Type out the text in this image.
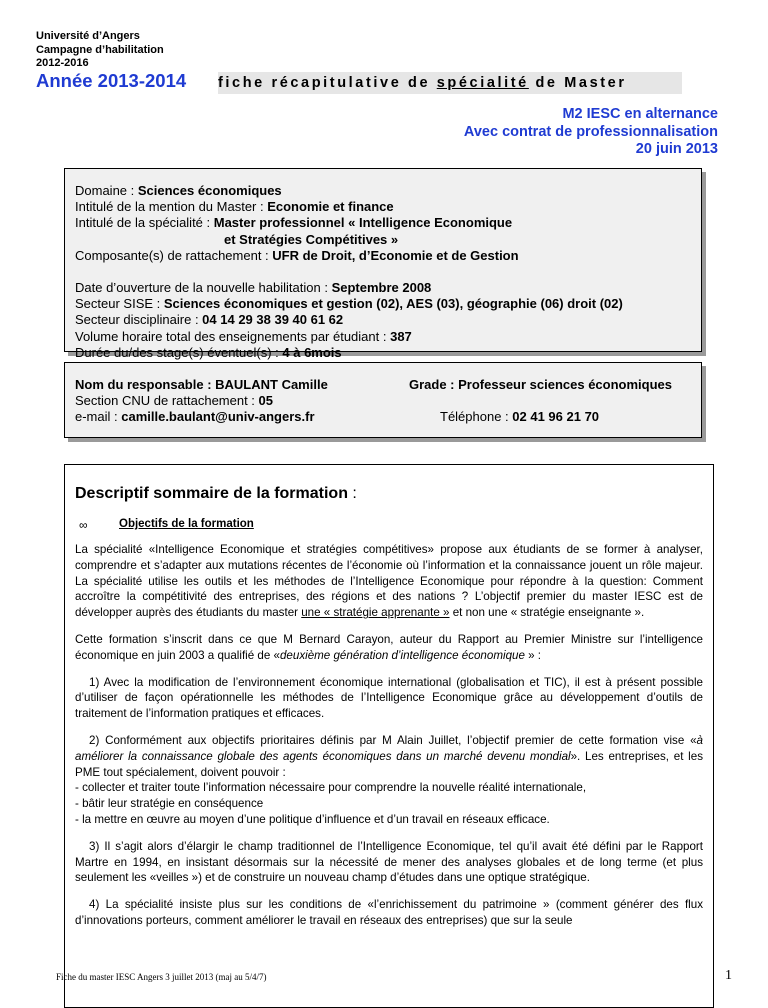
Université d’Angers
Campagne d’habilitation
2012-2016
Année 2013-2014 fiche récapitulative de spécialité de Master
M2 IESC en alternance
Avec contrat de professionnalisation
20 juin 2013
Domaine : Sciences économiques
Intitulé de la mention du Master : Economie et finance
Intitulé de la spécialité : Master professionnel « Intelligence Economique
et Stratégies Compétitives »
Composante(s) de rattachement : UFR de Droit, d’Economie et de Gestion
Date d’ouverture de la nouvelle habilitation : Septembre 2008
Secteur SISE : Sciences économiques et gestion (02), AES (03), géographie (06) droit (02)
Secteur disciplinaire : 04 14 29 38 39 40 61 62
Volume horaire total des enseignements par étudiant : 387
Durée du/des stage(s) éventuel(s) : 4 à 6mois
Nom du responsable : BAULANT Camille
Section CNU de rattachement : 05
e-mail : camille.baulant@univ-angers.fr
Grade : Professeur sciences économiques
Téléphone : 02 41 96 21 70
Descriptif sommaire de la formation :
∞	Objectifs de la formation

La spécialité «Intelligence Economique et stratégies compétitives» propose aux étudiants de se former à analyser, comprendre et s’adapter aux mutations récentes de l’économie où l’information et la connaissance jouent un rôle majeur. La spécialité utilise les outils et les méthodes de l’Intelligence Economique pour répondre à la question: Comment accroître la compétitivité des entreprises, des régions et des nations ? L’objectif premier du master IESC est de développer auprès des étudiants du master une « stratégie apprenante » et non une « stratégie enseignante ».

Cette formation s’inscrit dans ce que M Bernard Carayon, auteur du Rapport au Premier Ministre sur l’intelligence économique en juin 2003 a qualifié de «deuxième génération d’intelligence économique » :

1) Avec la modification de l’environnement économique international (globalisation et TIC), il est à présent possible d’utiliser de façon opérationnelle les méthodes de l’Intelligence Economique grâce au développement d’outils de traitement de l’information pratiques et efficaces.

2) Conformément aux objectifs prioritaires définis par M Alain Juillet, l’objectif premier de cette formation vise «à améliorer la connaissance globale des agents économiques dans un marché devenu mondial». Les entreprises, et les PME tout spécialement, doivent pouvoir :

- collecter et traiter toute l’information nécessaire pour comprendre la nouvelle réalité internationale,
- bâtir leur stratégie en conséquence
- la mettre en œuvre au moyen d’une politique d’influence et d’un travail en réseaux efficace.

3) Il s’agit alors d’élargir le champ traditionnel de l’Intelligence Economique, tel qu’il avait été défini par le Rapport Martre en 1994, en insistant désormais sur la nécessité de mener des analyses globales et de long terme (et plus seulement les «veilles ») et de construire un nouveau champ d’études dans une optique stratégique.

4) La spécialité insiste plus sur les conditions de «l’enrichissement du patrimoine » (comment générer des flux d’innovations porteurs, comment améliorer le travail en réseaux des entreprises) que sur la seule

Fiche du master IESC Angers 3 juillet 2013 (maj au 5/4/7)	1
